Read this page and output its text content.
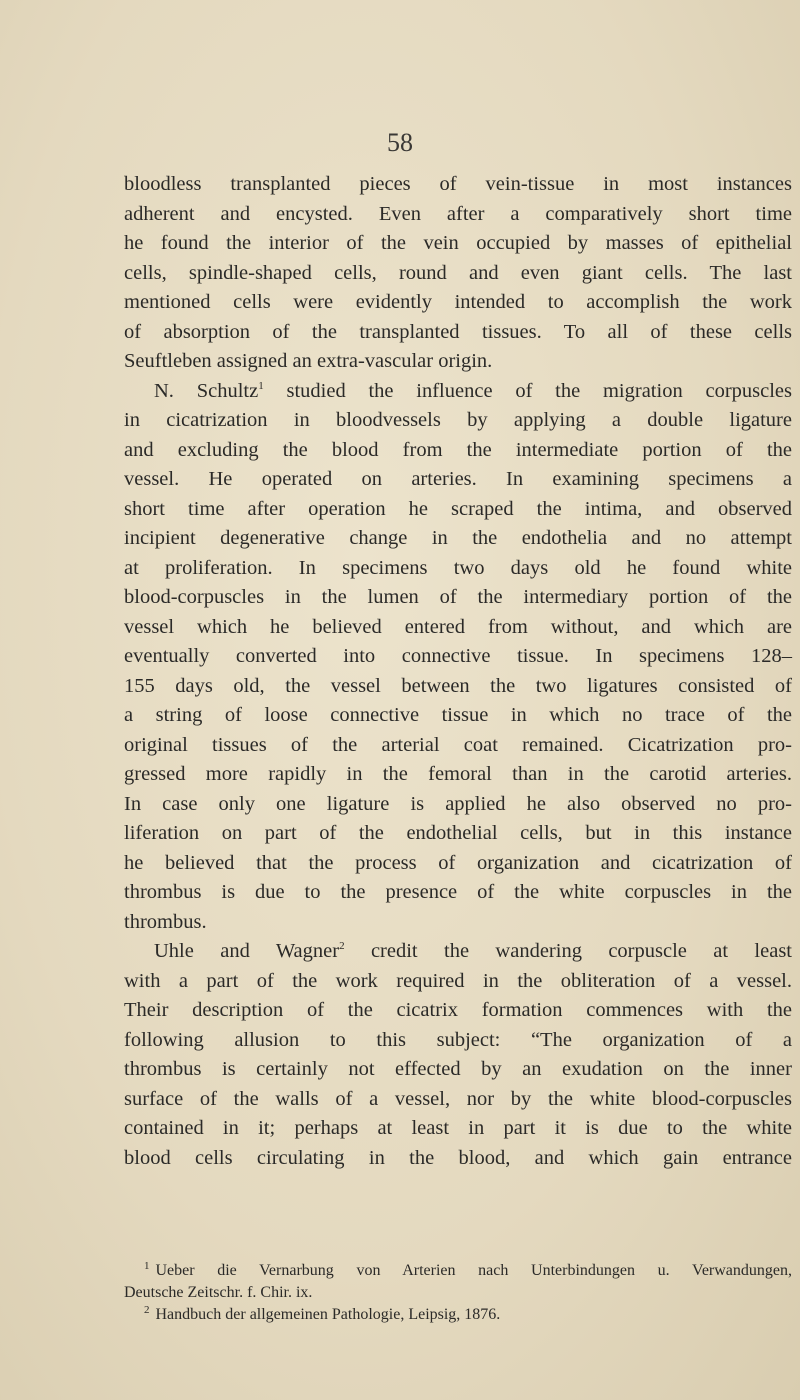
58
bloodless transplanted pieces of vein-tissue in most instances
adherent and encysted. Even after a comparatively short time
he found the interior of the vein occupied by masses of epithelial
cells, spindle-shaped cells, round and even giant cells. The last
mentioned cells were evidently intended to accomplish the work
of absorption of the transplanted tissues. To all of these cells
Seuftleben assigned an extra-vascular origin.
N. Schultz$^1$ studied the influence of the migration corpuscles
in cicatrization in bloodvessels by applying a double ligature
and excluding the blood from the intermediate portion of the
vessel. He operated on arteries. In examining specimens a
short time after operation he scraped the intima, and observed
incipient degenerative change in the endothelia and no attempt
at proliferation. In specimens two days old he found white
blood-corpuscles in the lumen of the intermediary portion of the
vessel which he believed entered from without, and which are
eventually converted into connective tissue. In specimens 128–
155 days old, the vessel between the two ligatures consisted of
a string of loose connective tissue in which no trace of the
original tissues of the arterial coat remained. Cicatrization pro-
gressed more rapidly in the femoral than in the carotid arteries.
In case only one ligature is applied he also observed no pro-
liferation on part of the endothelial cells, but in this instance
he believed that the process of organization and cicatrization of
thrombus is due to the presence of the white corpuscles in the
thrombus.
Uhle and Wagner$^2$ credit the wandering corpuscle at least
with a part of the work required in the obliteration of a vessel.
Their description of the cicatrix formation commences with the
following allusion to this subject: “The organization of a
thrombus is certainly not effected by an exudation on the inner
surface of the walls of a vessel, nor by the white blood-corpuscles
contained in it; perhaps at least in part it is due to the white
blood cells circulating in the blood, and which gain entrance
$^1$ Ueber die Vernarbung von Arterien nach Unterbindungen u. Verwandungen,
Deutsche Zeitschr. f. Chir. ix.
$^2$ Handbuch der allgemeinen Pathologie, Leipsig, 1876.
